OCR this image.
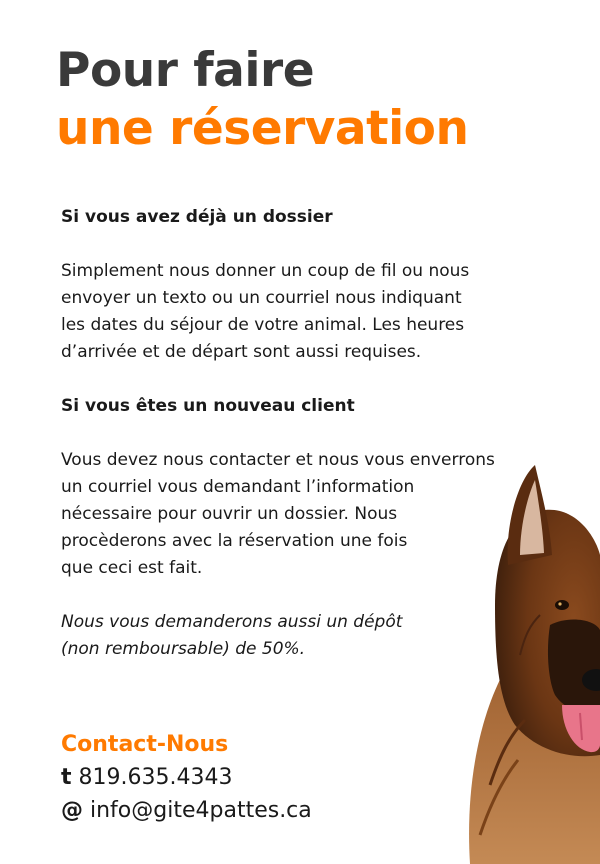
Pour faire
une réservation

Si vous avez déjà un dossier

Simplement nous donner un coup de fil ou nous

envoyer un texto ou un courriel nous indiquant

les dates du séjour de votre animal. Les heures

d’arrivée et de départ sont aussi requises.

Si vous êtes un nouveau client

Vous devez nous contacter et nous vous enverrons

un courriel vous demandant l’information

nécessaire pour ouvrir un dossier. Nous

procèderons avec la réservation une fois

que ceci est fait.

Nous vous demanderons aussi un dépôt

(non remboursable) de 50%.

Contact-Nous
t 819.635.4343
@ info@gite4pattes.ca
